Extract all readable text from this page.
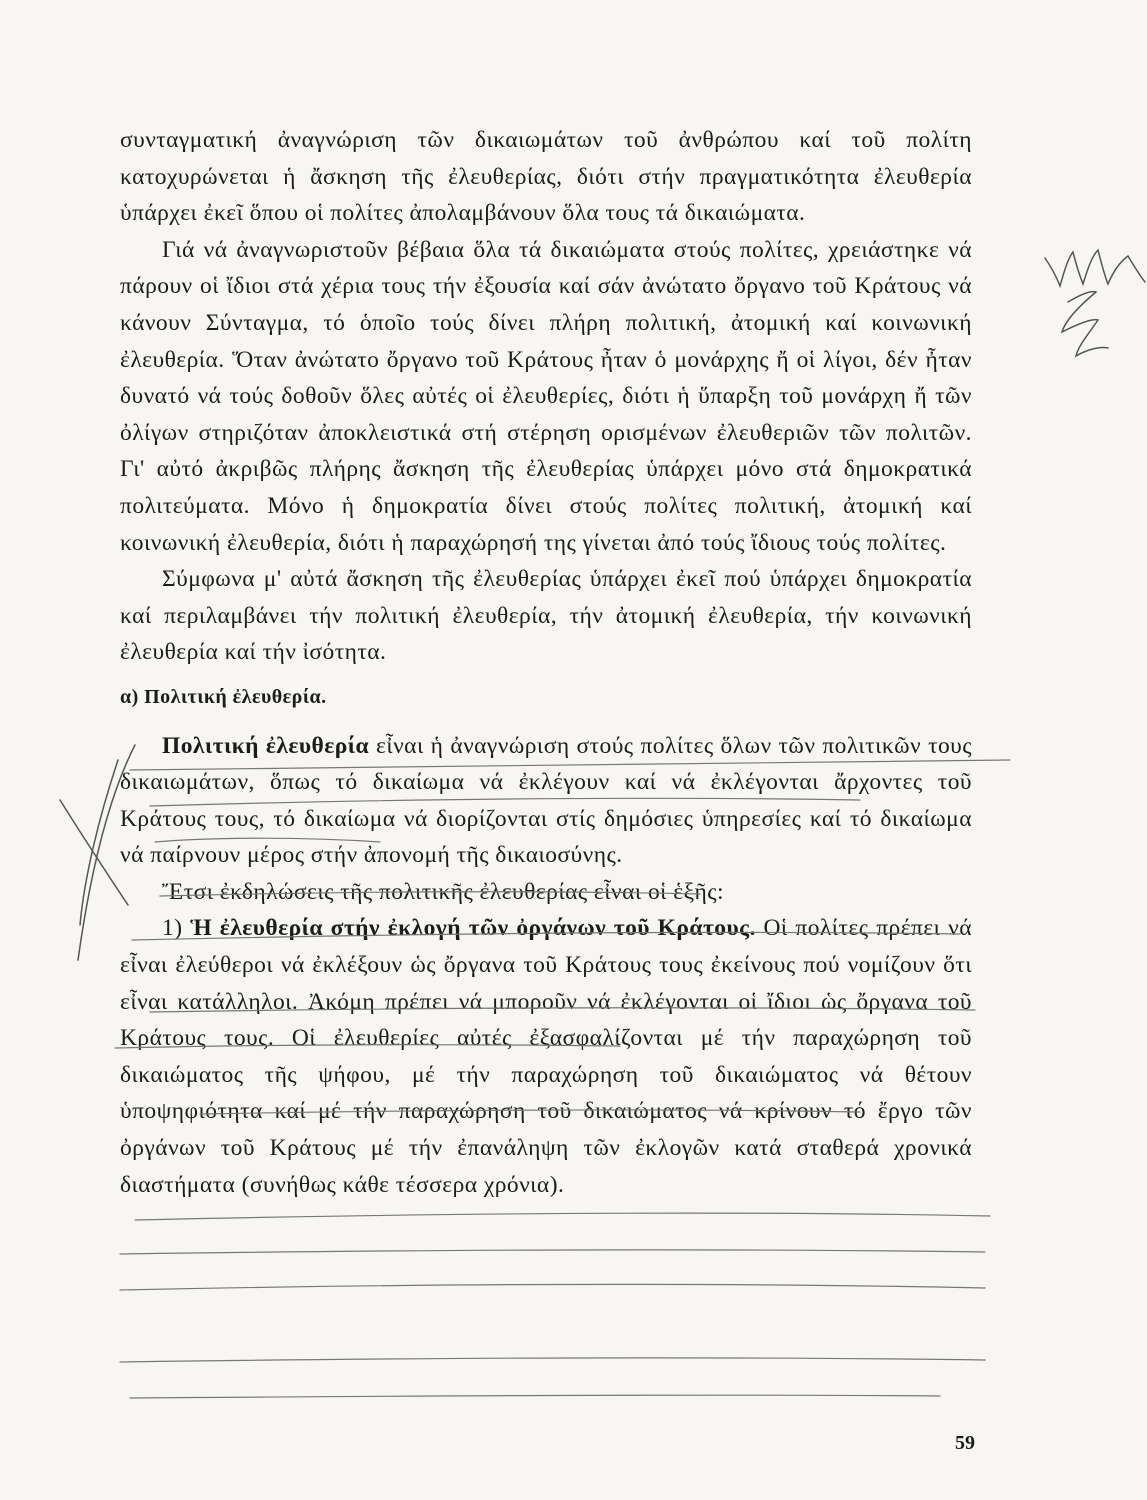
συνταγματική ἀναγνώριση τῶν δικαιωμάτων τοῦ ἀνθρώπου καί τοῦ πολίτη κατοχυρώνεται ἡ ἄσκηση τῆς ἐλευθερίας, διότι στήν πραγματικότητα ἐλευθερία ὑπάρχει ἐκεῖ ὅπου οἱ πολίτες ἀπολαμβάνουν ὅλα τους τά δικαιώματα.

Γιά νά ἀναγνωριστοῦν βέβαια ὅλα τά δικαιώματα στούς πολίτες, χρειάστηκε νά πάρουν οἱ ἴδιοι στά χέρια τους τήν ἐξουσία καί σάν ἀνώτατο ὄργανο τοῦ Κράτους νά κάνουν Σύνταγμα, τό ὁποῖο τούς δίνει πλήρη πολιτική, ἀτομική καί κοινωνική ἐλευθερία. Ὅταν ἀνώτατο ὄργανο τοῦ Κράτους ἦταν ὁ μονάρχης ἤ οἱ λίγοι, δέν ἦταν δυνατό νά τούς δοθοῦν ὅλες αὐτές οἱ ἐλευθερίες, διότι ἡ ὕπαρξη τοῦ μονάρχη ἤ τῶν ὀλίγων στηριζόταν ἀποκλειστικά στή στέρηση ορισμένων ἐλευθεριῶν τῶν πολιτῶν. Γι' αὐτό ἀκριβῶς πλήρης ἄσκηση τῆς ἐλευθερίας ὑπάρχει μόνο στά δημοκρατικά πολιτεύματα. Μόνο ἡ δημοκρατία δίνει στούς πολίτες πολιτική, ἀτομική καί κοινωνική ἐλευθερία, διότι ἡ παραχώρησή της γίνεται ἀπό τούς ἴδιους τούς πολίτες.

Σύμφωνα μ' αὐτά ἄσκηση τῆς ἐλευθερίας ὑπάρχει ἐκεῖ πού ὑπάρχει δημοκρατία καί περιλαμβάνει τήν πολιτική ἐλευθερία, τήν ἀτομική ἐλευθερία, τήν κοινωνική ἐλευθερία καί τήν ἰσότητα.

α) Πολιτική ἐλευθερία.

Πολιτική ἐλευθερία εἶναι ἡ ἀναγνώριση στούς πολίτες ὅλων τῶν πολιτικῶν τους δικαιωμάτων, ὅπως τό δικαίωμα νά ἐκλέγουν καί νά ἐκλέγονται ἄρχοντες τοῦ Κράτους τους, τό δικαίωμα νά διορίζονται στίς δημόσιες ὑπηρεσίες καί τό δικαίωμα νά παίρνουν μέρος στήν ἀπονομή τῆς δικαιοσύνης.

Ἔτσι ἐκδηλώσεις τῆς πολιτικῆς ἐλευθερίας εἶναι οἱ ἑξῆς:

1) Ἡ ἐλευθερία στήν ἐκλογή τῶν ὀργάνων τοῦ Κράτους. Οἱ πολίτες πρέπει νά εἶναι ἐλεύθεροι νά ἐκλέξουν ὡς ὄργανα τοῦ Κράτους τους ἐκείνους πού νομίζουν ὅτι εἶναι κατάλληλοι. Ἀκόμη πρέπει νά μποροῦν νά ἐκλέγονται οἱ ἴδιοι ὡς ὄργανα τοῦ Κράτους τους. Οἱ ἐλευθερίες αὐτές ἐξασφαλίζονται μέ τήν παραχώρηση τοῦ δικαιώματος τῆς ψήφου, μέ τήν παραχώρηση τοῦ δικαιώματος νά θέτουν ὑποψηφιότητα καί μέ τήν παραχώρηση τοῦ δικαιώματος νά κρίνουν τό ἔργο τῶν ὀργάνων τοῦ Κράτους μέ τήν ἐπανάληψη τῶν ἐκλογῶν κατά σταθερά χρονικά διαστήματα (συνήθως κάθε τέσσερα χρόνια).

59
